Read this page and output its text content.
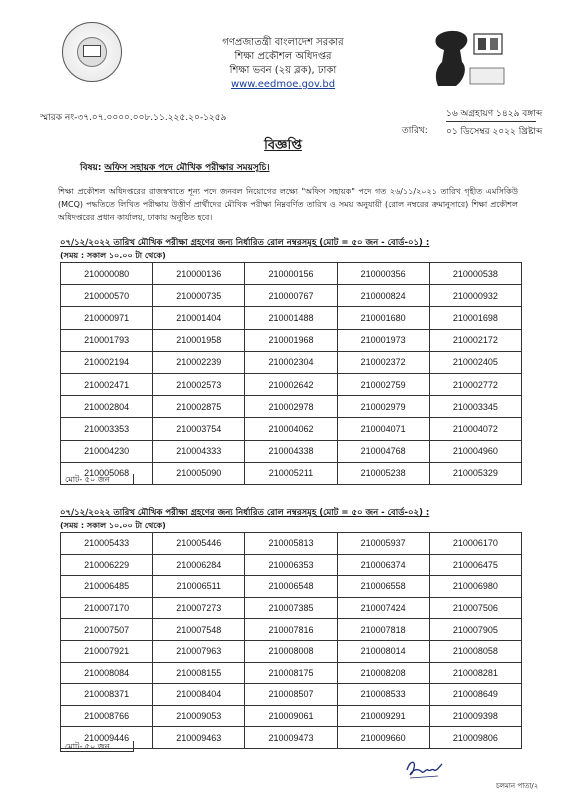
গণপ্রজাতন্ত্রী বাংলাদেশ সরকার
শিক্ষা প্রকৌশল অধিদপ্তর
শিক্ষা ভবন (২য় ব্লক), ঢাকা
www.eedmoe.gov.bd
স্মারক নং-৩৭.০৭.০০০০.০০৮.১১.২২৫.২০-১২৫৯	১৬ অগ্রহায়ণ ১৪২৯ বঙ্গাব্দ
তারিখ: ০১ ডিসেম্বর ২০২২ খ্রিষ্টাব্দ
বিজ্ঞপ্তি
বিষয়: অফিস সহায়ক পদে মৌখিক পরীক্ষার সময়সূচি।
শিক্ষা প্রকৌশল অধিদপ্তরের রাজস্বখাতে শূন্য পদে জনবল নিয়োগের লক্ষ্যে "অফিস সহায়ক" পদে গত ২৬/১১/২০২১ তারিখ গৃহীত এমসিকিউ (MCQ) পদ্ধতিতে লিখিত পরীক্ষায় উত্তীর্ণ প্রার্থীদের মৌখিক পরীক্ষা নিম্নবর্ণিত তারিখ ও সময় অনুযায়ী (রোল নম্বরের ক্রমানুসারে) শিক্ষা প্রকৌশল অধিদপ্তরের প্রধান কার্যালয়, ঢাকায় অনুষ্ঠিত হবে।
০৭/১২/২০২২ তারিখ মৌখিক পরীক্ষা গ্রহণের জন্য নির্ধারিত রোল নম্বরসমূহ (মোট = ৫০ জন - বোর্ড-০১) :
(সময় : সকাল ১০.০০ টা থেকে)
210000080	210000136	210000156	210000356	210000538
210000570	210000735	210000767	210000824	210000932
210000971	210001404	210001488	210001680	210001698
210001793	210001958	210001968	210001973	210002172
210002194	210002239	210002304	210002372	210002405
210002471	210002573	210002642	210002759	210002772
210002804	210002875	210002978	210002979	210003345
210003353	210003754	210004062	210004071	210004072
210004230	210004333	210004338	210004768	210004960
210005068	210005090	210005211	210005238	210005329
মোট- ৫০ জন
০৭/১২/২০২২ তারিখ মৌখিক পরীক্ষা গ্রহণের জন্য নির্ধারিত রোল নম্বরসমূহ (মোট = ৫০ জন - বোর্ড-০২) :
(সময় : সকাল ১০.০০ টা থেকে)
210005433	210005446	210005813	210005937	210006170
210006229	210006284	210006353	210006374	210006475
210006485	210006511	210006548	210006558	210006980
210007170	210007273	210007385	210007424	210007506
210007507	210007548	210007816	210007818	210007905
210007921	210007963	210008008	210008014	210008058
210008084	210008155	210008175	210008208	210008281
210008371	210008404	210008507	210008533	210008649
210008766	210009053	210009061	210009291	210009398
210009446	210009463	210009473	210009660	210009806
মোট- ৫০ জন
চলমান পাতা/২
